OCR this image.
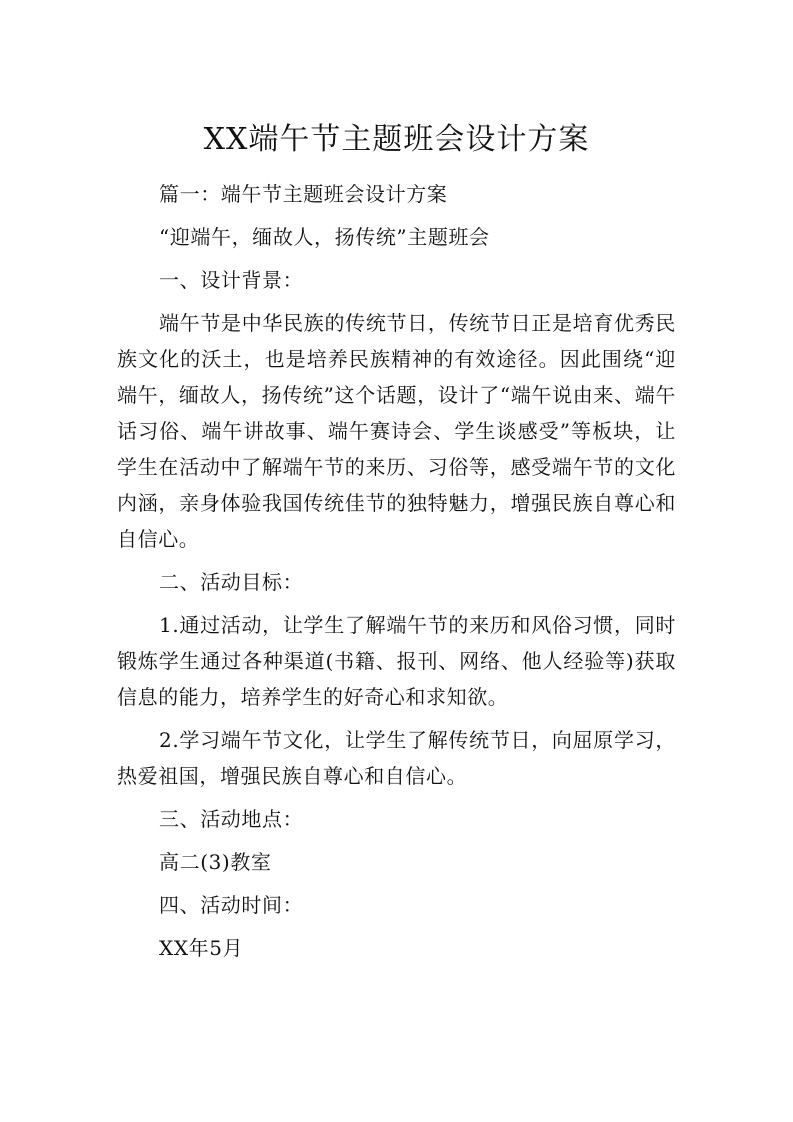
XX端午节主题班会设计方案

篇一：端午节主题班会设计方案

“迎端午，缅故人，扬传统”主题班会

一、设计背景：

端午节是中华民族的传统节日，传统节日正是培育优秀民族文化的沃土，也是培养民族精神的有效途径。因此围绕“迎端午，缅故人，扬传统”这个话题，设计了“端午说由来、端午话习俗、端午讲故事、端午赛诗会、学生谈感受”等板块，让学生在活动中了解端午节的来历、习俗等，感受端午节的文化内涵，亲身体验我国传统佳节的独特魅力，增强民族自尊心和自信心。

二、活动目标：

1.通过活动，让学生了解端午节的来历和风俗习惯，同时锻炼学生通过各种渠道(书籍、报刊、网络、他人经验等)获取信息的能力，培养学生的好奇心和求知欲。

2.学习端午节文化，让学生了解传统节日，向屈原学习，热爱祖国，增强民族自尊心和自信心。

三、活动地点：

高二(3)教室

四、活动时间：

XX年5月
